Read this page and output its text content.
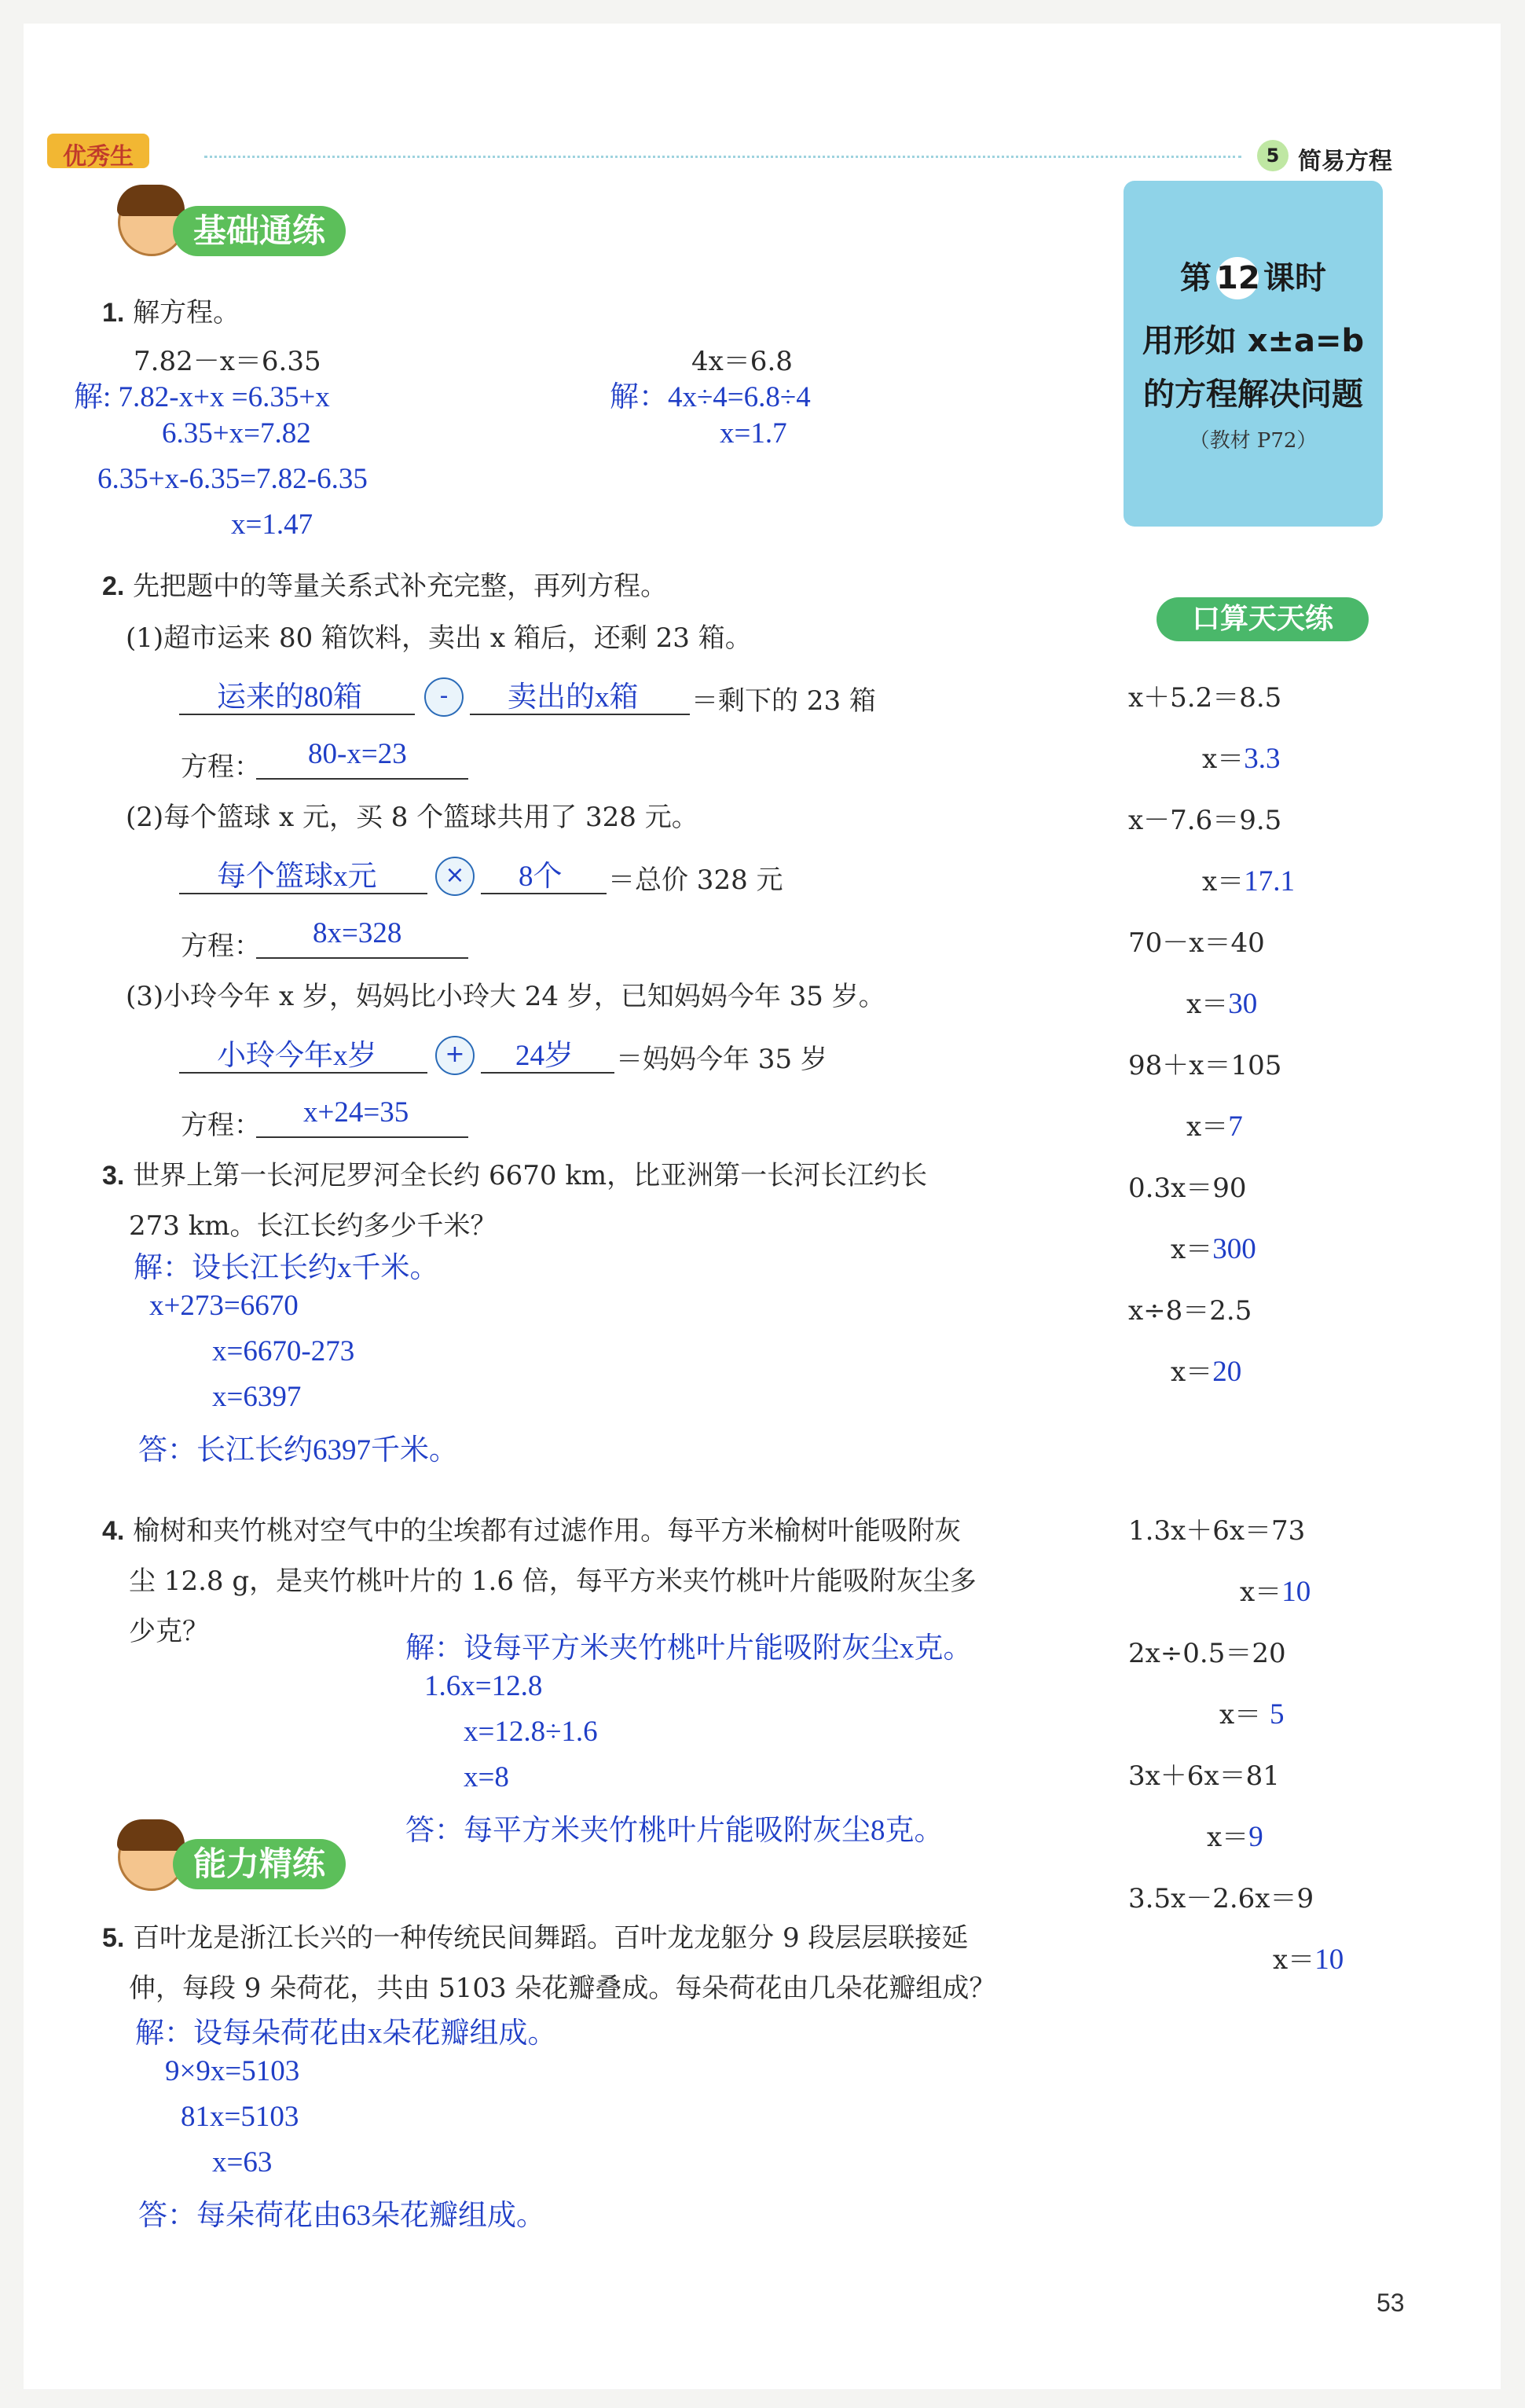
优秀生	5 简易方程
第 12 课时
用形如 x±a=b
的方程解决问题
（教材 P72）
基础通练
1. 解方程。
7.82－x＝6.35	4x＝6.8
解: 7.82-x+x =6.35+x
6.35+x=7.82
6.35+x-6.35=7.82-6.35
x=1.47
解：4x÷4=6.8÷4
x=1.7
2. 先把题中的等量关系式补充完整，再列方程。
(1)超市运来 80 箱饮料，卖出 x 箱后，还剩 23 箱。
运来的80箱	-	卖出的x箱 ＝剩下的 23 箱
方程： 80-x=23
(2)每个篮球 x 元，买 8 个篮球共用了 328 元。
每个篮球x元	×	8个 ＝总价 328 元
方程： 8x=328
(3)小玲今年 x 岁，妈妈比小玲大 24 岁，已知妈妈今年 35 岁。
小玲今年x岁	+	24岁 ＝妈妈今年 35 岁
方程： x+24=35
3. 世界上第一长河尼罗河全长约 6670 km，比亚洲第一长河长江约长
273 km。长江长约多少千米？
解：设长江长约x千米。
x+273=6670
x=6670-273
x=6397
答：长江长约6397千米。
4. 榆树和夹竹桃对空气中的尘埃都有过滤作用。每平方米榆树叶能吸附灰
尘 12.8 g，是夹竹桃叶片的 1.6 倍，每平方米夹竹桃叶片能吸附灰尘多
少克？
解：设每平方米夹竹桃叶片能吸附灰尘x克。
1.6x=12.8
x=12.8÷1.6
x=8
答：每平方米夹竹桃叶片能吸附灰尘8克。
能力精练
5. 百叶龙是浙江长兴的一种传统民间舞蹈。百叶龙龙躯分 9 段层层联接延
伸，每段 9 朵荷花，共由 5103 朵花瓣叠成。每朵荷花由几朵花瓣组成？
解：设每朵荷花由x朵花瓣组成。
9×9x=5103
81x=5103
x=63
答：每朵荷花由63朵花瓣组成。
口算天天练
x＋5.2＝8.5
x＝3.3
x－7.6＝9.5
x＝17.1
70－x＝40
x＝30
98＋x＝105
x＝7
0.3x＝90
x＝300
x÷8＝2.5
x＝20
1.3x＋6x＝73
x＝10
2x÷0.5＝20
x＝ 5
3x＋6x＝81
x＝9
3.5x－2.6x＝9
x＝10
53
